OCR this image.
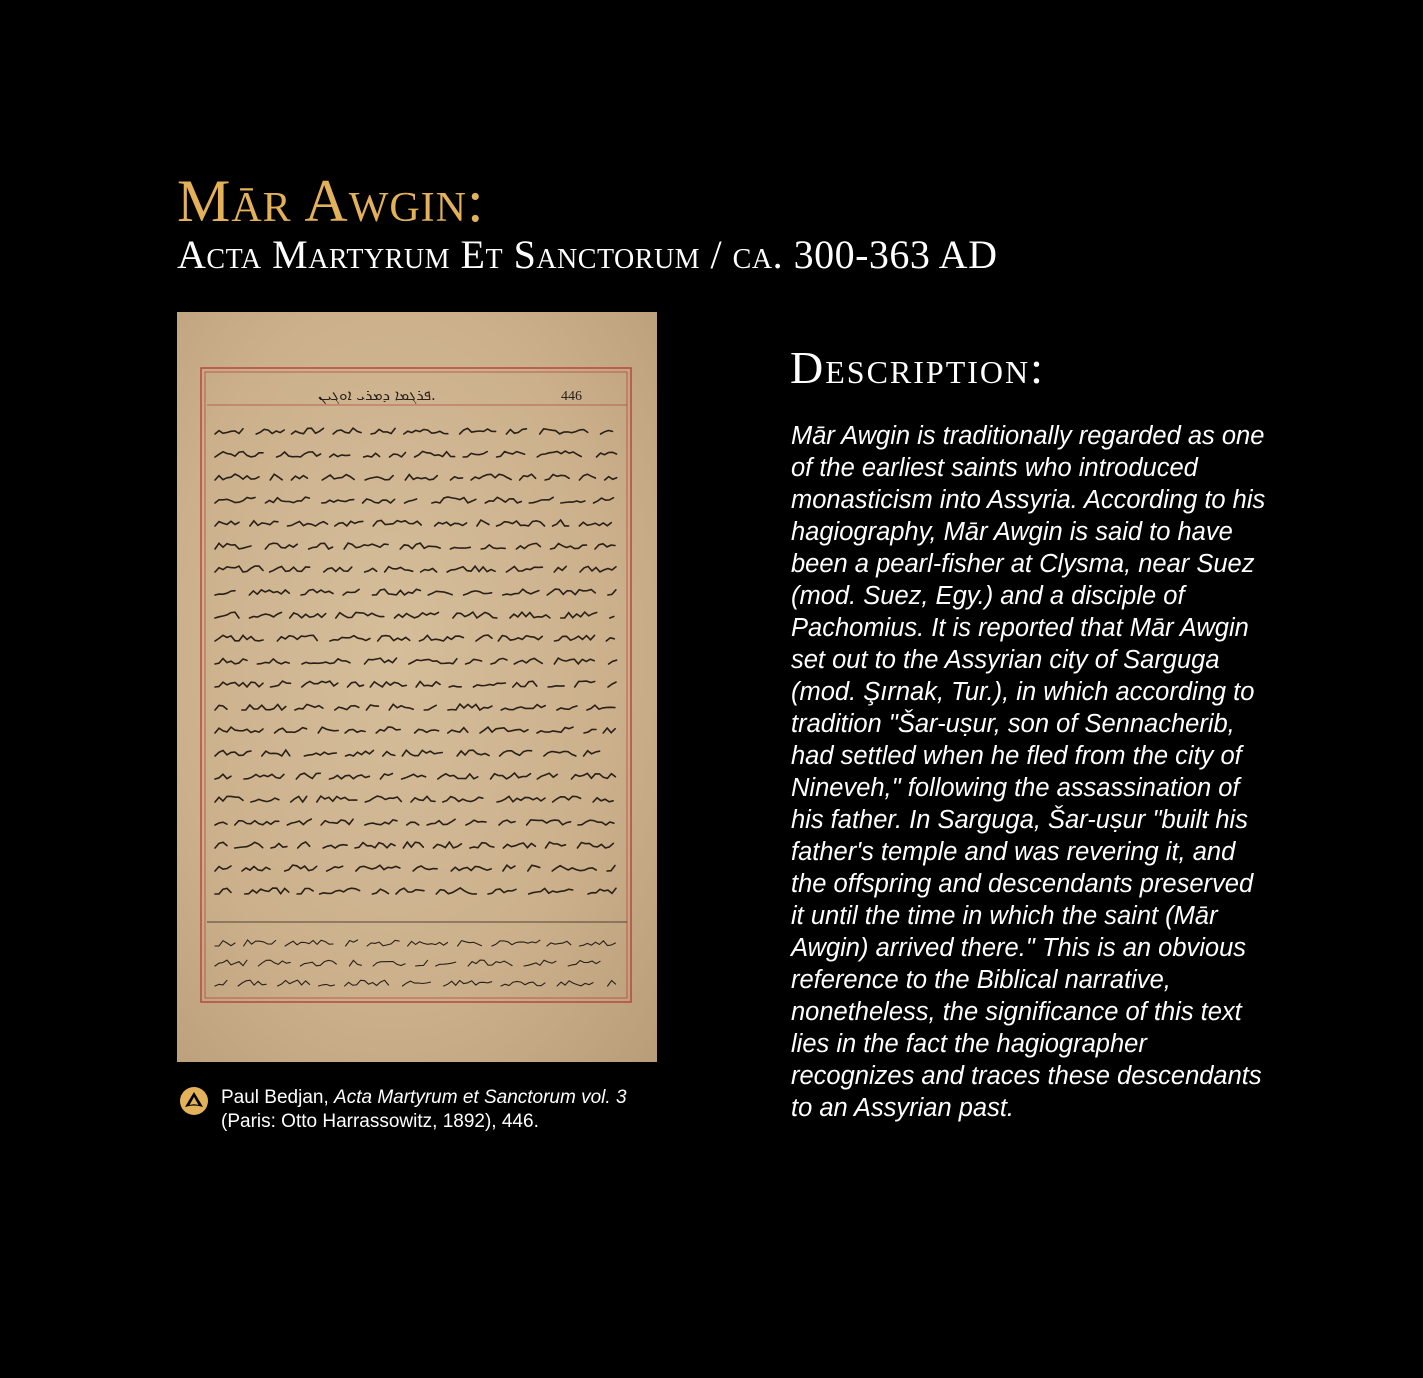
Mār Awgin:
Acta Martyrum Et Sanctorum / ca. 300-363 AD
ܦܪܓܡܐ ܕܡܪܝ ܐܘܓܝܢ.	446
Paul Bedjan, Acta Martyrum et Sanctorum vol. 3
(Paris: Otto Harrassowitz, 1892), 446.
Description:

Mār Awgin is traditionally regarded as one of the earliest saints who introduced monasticism into Assyria. According to his hagiography, Mār Awgin is said to have been a pearl-fisher at Clysma, near Suez (mod. Suez, Egy.) and a disciple of Pachomius. It is reported that Mār Awgin set out to the Assyrian city of Sarguga (mod. Şırnak, Tur.), in which according to tradition "Šar-uṣur, son of Sennacherib, had settled when he fled from the city of Nineveh," following the assassination of his father. In Sarguga, Šar-uṣur "built his father's temple and was revering it, and the offspring and descendants preserved it until the time in which the saint (Mār Awgin) arrived there." This is an obvious reference to the Biblical narrative, nonetheless, the significance of this text lies in the fact the hagiographer recognizes and traces these descendants to an Assyrian past.
